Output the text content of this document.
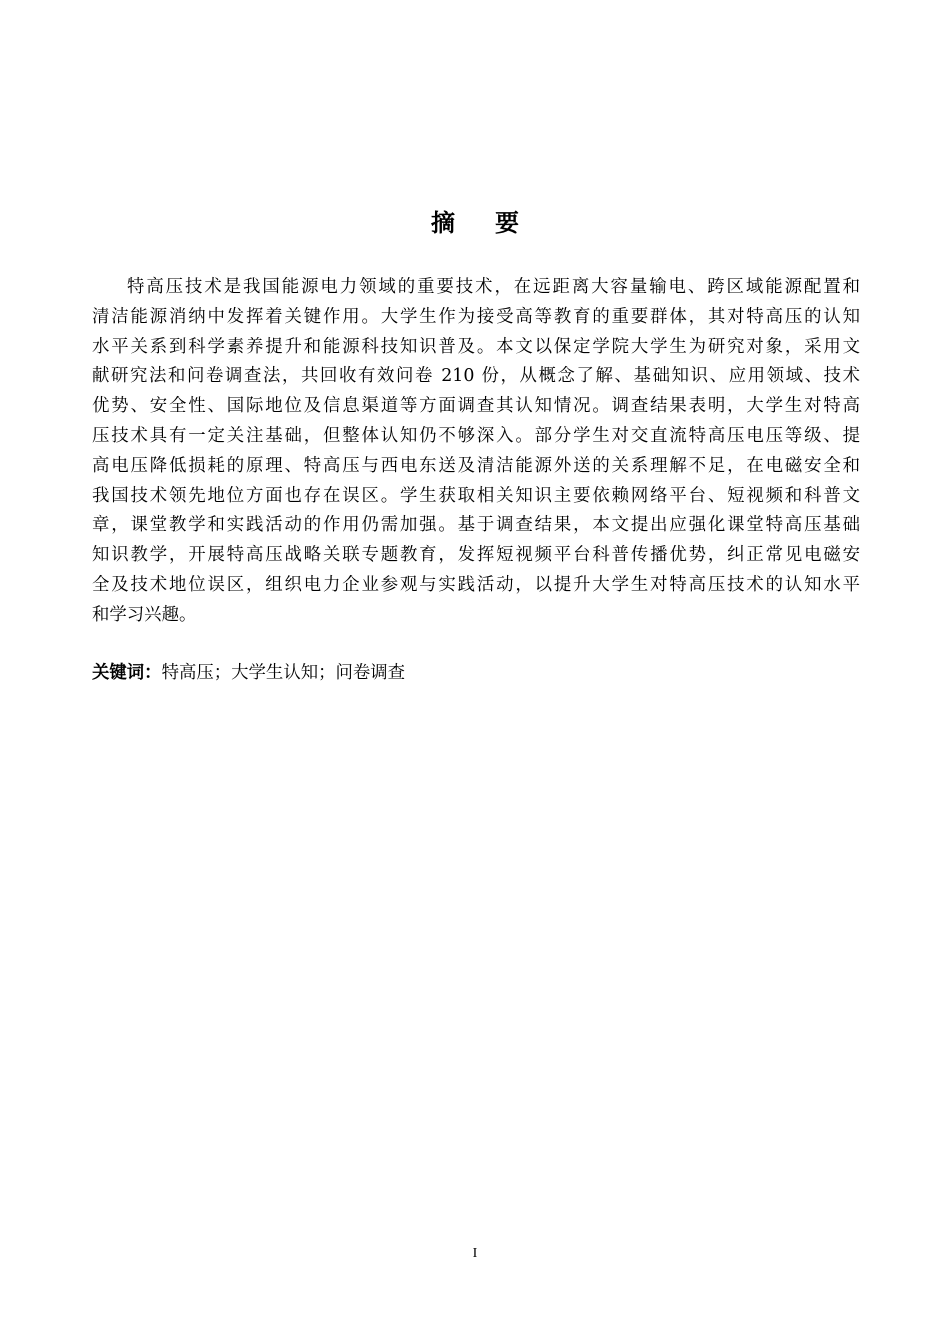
摘要
特高压技术是我国能源电力领域的重要技术，在远距离大容量输电、跨区域能源配置和
清洁能源消纳中发挥着关键作用。大学生作为接受高等教育的重要群体，其对特高压的认知
水平关系到科学素养提升和能源科技知识普及。本文以保定学院大学生为研究对象，采用文
献研究法和问卷调查法，共回收有效问卷 210 份，从概念了解、基础知识、应用领域、技术
优势、安全性、国际地位及信息渠道等方面调查其认知情况。调查结果表明，大学生对特高
压技术具有一定关注基础，但整体认知仍不够深入。部分学生对交直流特高压电压等级、提
高电压降低损耗的原理、特高压与西电东送及清洁能源外送的关系理解不足，在电磁安全和
我国技术领先地位方面也存在误区。学生获取相关知识主要依赖网络平台、短视频和科普文
章，课堂教学和实践活动的作用仍需加强。基于调查结果，本文提出应强化课堂特高压基础
知识教学，开展特高压战略关联专题教育，发挥短视频平台科普传播优势，纠正常见电磁安
全及技术地位误区，组织电力企业参观与实践活动，以提升大学生对特高压技术的认知水平
和学习兴趣。

关键词：特高压；大学生认知；问卷调查

I
